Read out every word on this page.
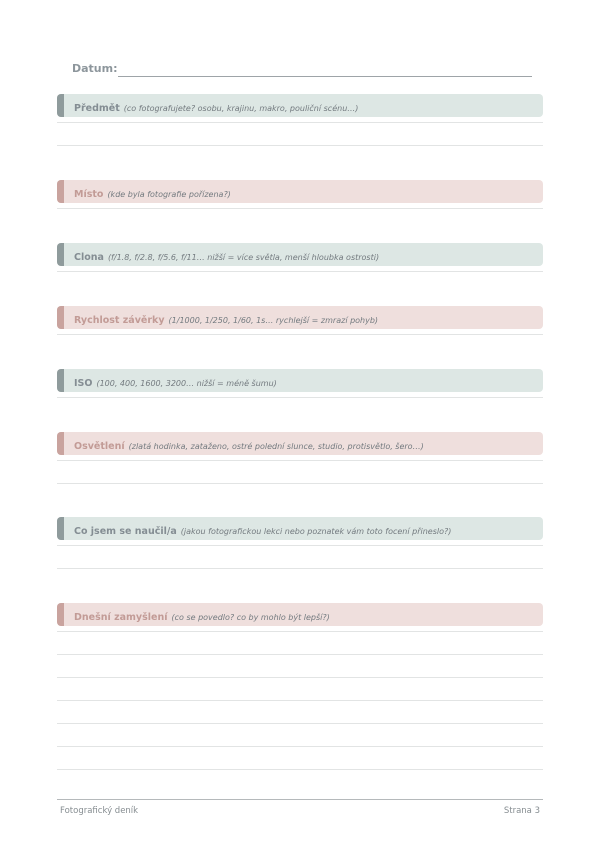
Datum:
Předmět (co fotografujete? osobu, krajinu, makro, pouliční scénu…)
Místo (kde byla fotografie pořízena?)
Clona (f/1.8, f/2.8, f/5.6, f/11… nižší = více světla, menší hloubka ostrosti)
Rychlost závěrky (1/1000, 1/250, 1/60, 1s… rychlejší = zmrazí pohyb)
ISO (100, 400, 1600, 3200… nižší = méně šumu)
Osvětlení (zlatá hodinka, zataženo, ostré polední slunce, studio, protisvětlo, šero…)
Co jsem se naučil/a (jakou fotografickou lekci nebo poznatek vám toto focení přineslo?)
Dnešní zamyšlení (co se povedlo? co by mohlo být lepší?)
Fotografický deník	Strana 3
